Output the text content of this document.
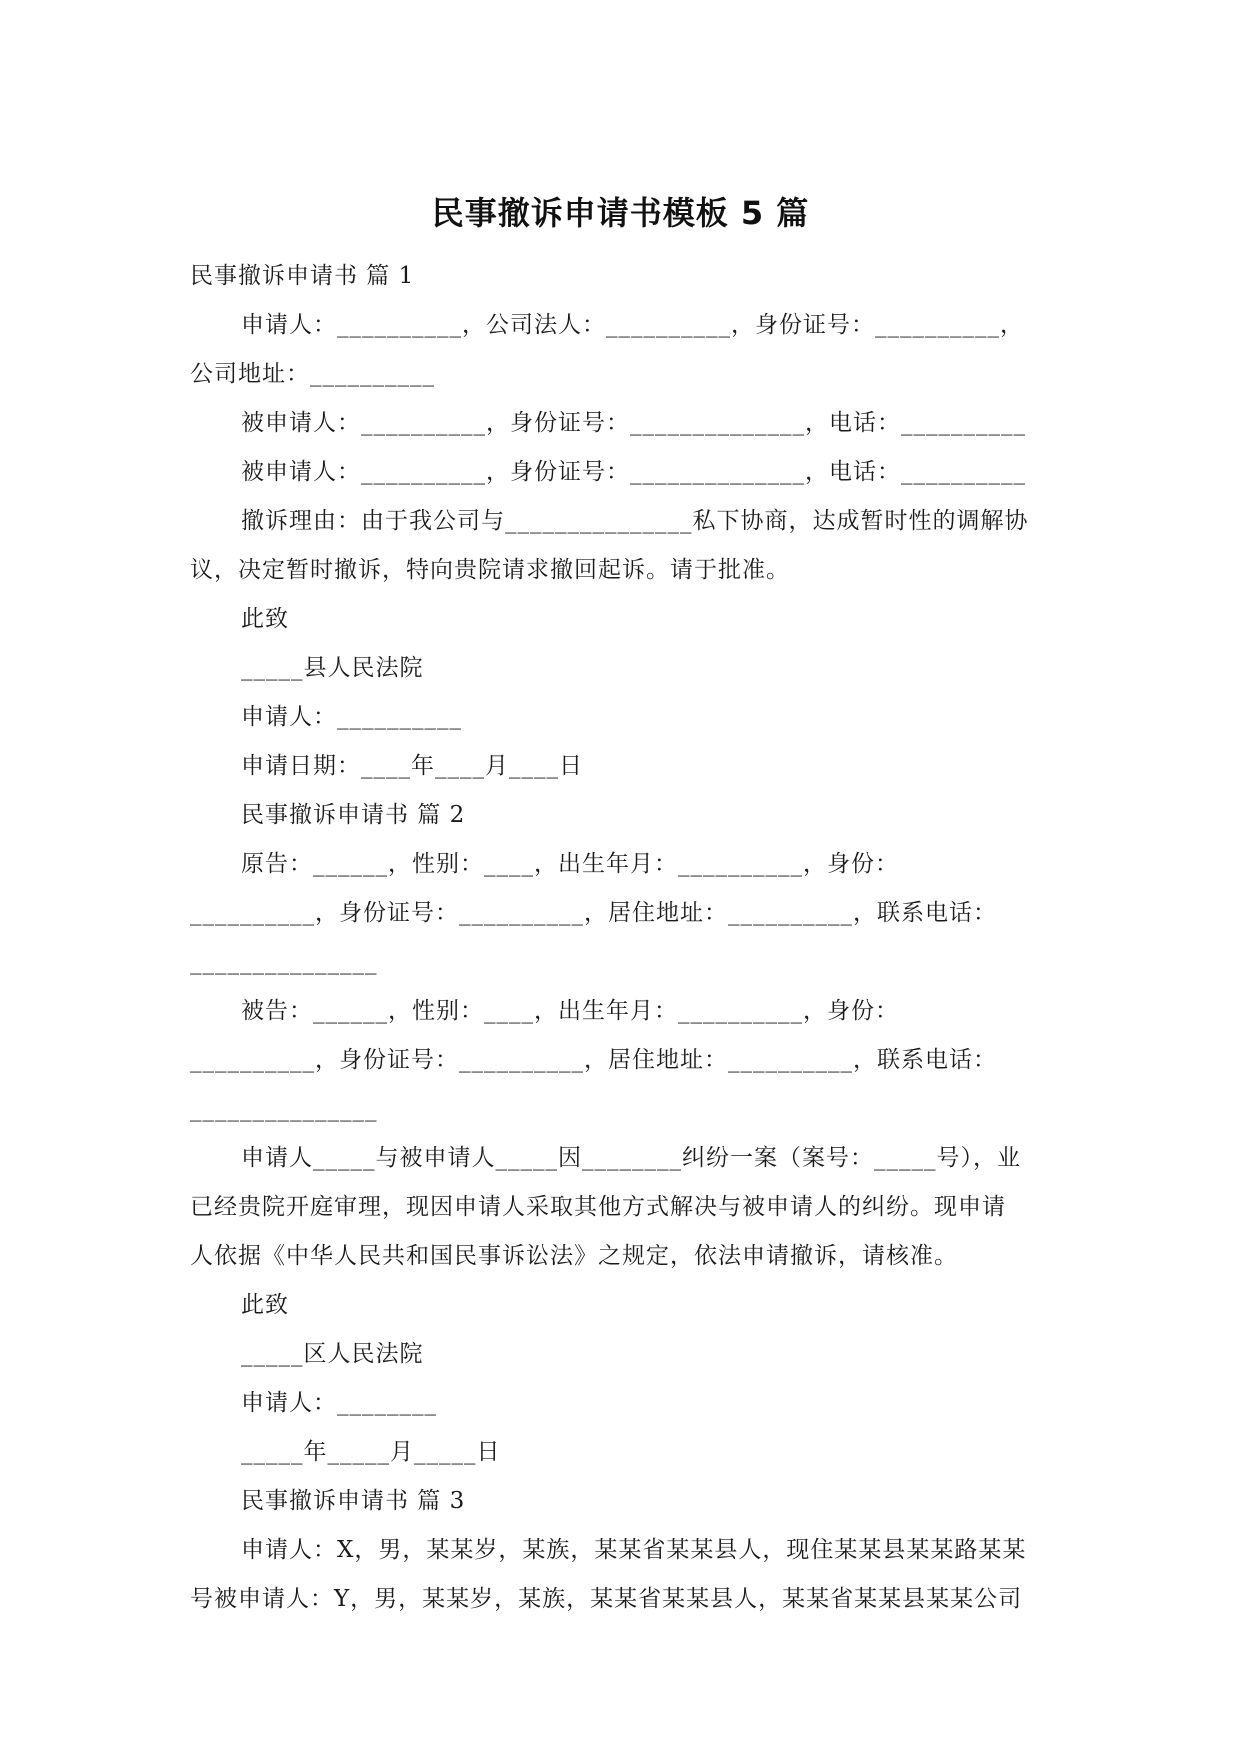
民事撤诉申请书模板 5 篇

民事撤诉申请书 篇 1

申请人：__________，公司法人：__________，身份证号：__________，

公司地址：__________

被申请人：__________，身份证号：______________，电话：__________

被申请人：__________，身份证号：______________，电话：__________

撤诉理由：由于我公司与_______________私下协商，达成暂时性的调解协

议，决定暂时撤诉，特向贵院请求撤回起诉。请于批准。

此致

_____县人民法院

申请人：__________

申请日期：____年____月____日

民事撤诉申请书 篇 2

原告：______，性别：____，出生年月：__________，身份：

__________，身份证号：__________，居住地址：__________，联系电话：

_______________

被告：______，性别：____，出生年月：__________，身份：

__________，身份证号：__________，居住地址：__________，联系电话：

_______________

申请人_____与被申请人_____因________纠纷一案（案号：_____号），业

已经贵院开庭审理，现因申请人采取其他方式解决与被申请人的纠纷。现申请

人依据《中华人民共和国民事诉讼法》之规定，依法申请撤诉，请核准。

此致

_____区人民法院

申请人：________

_____年_____月_____日

民事撤诉申请书 篇 3

申请人：X，男，某某岁，某族，某某省某某县人，现住某某县某某路某某

号被申请人：Y，男，某某岁，某族，某某省某某县人，某某省某某县某某公司
